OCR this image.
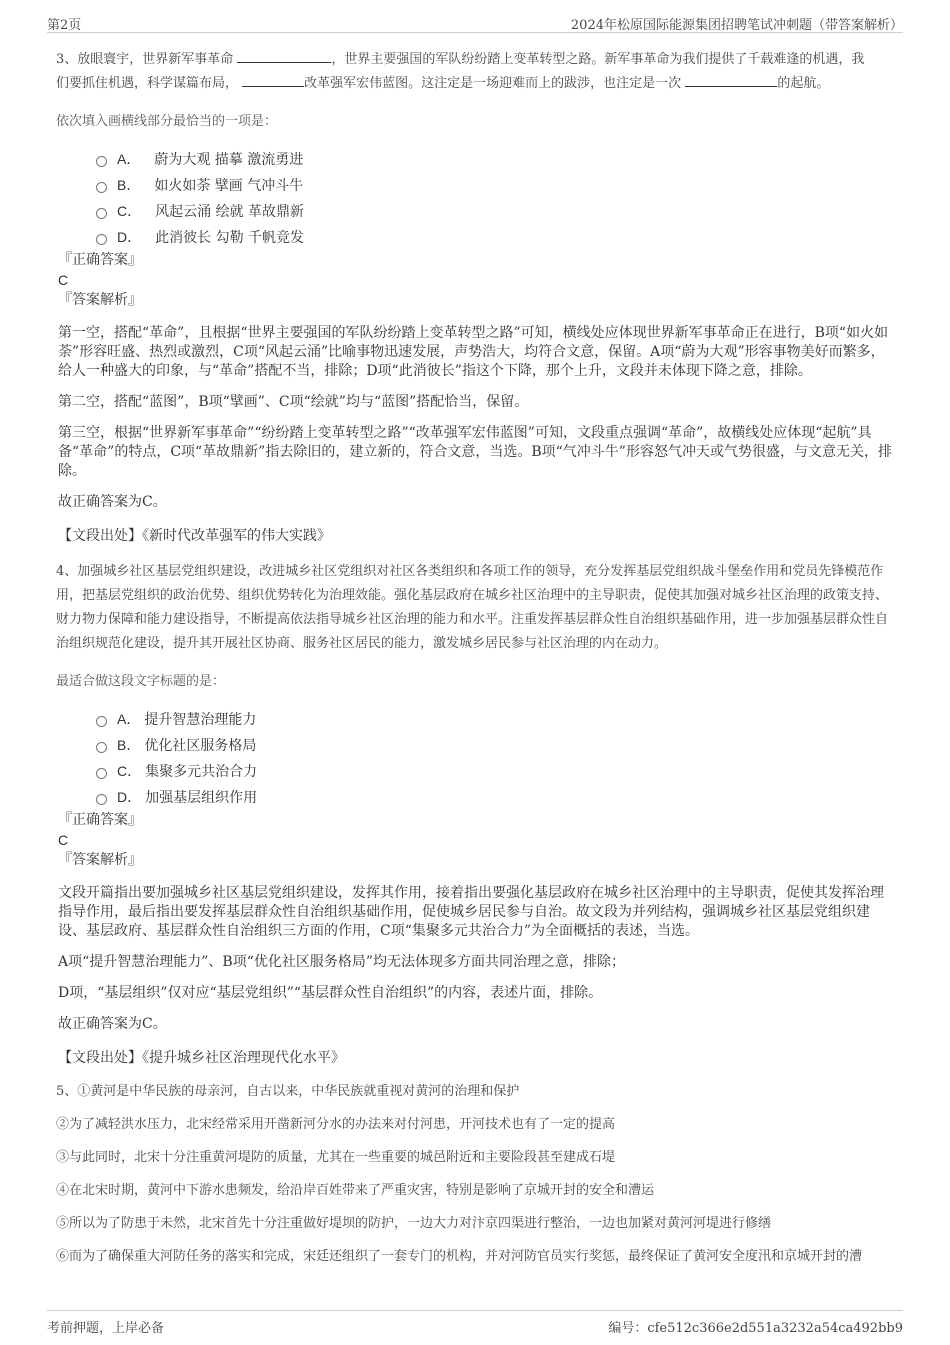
第2页	2024年松原国际能源集团招聘笔试冲刺题（带答案解析）

3、放眼寰宇，世界新军事革命	，世界主要强国的军队纷纷踏上变革转型之路。新军事革命为我们提供了千载难逢的机遇，我
们要抓住机遇，科学谋篇布局，	改革强军宏伟蓝图。这注定是一场迎难而上的跋涉，也注定是一次	的起航。

依次填入画横线部分最恰当的一项是：

A． 蔚为大观 描摹 激流勇进
B． 如火如荼 擘画 气冲斗牛
C． 风起云涌 绘就 革故鼎新
D． 此消彼长 勾勒 千帆竞发

『正确答案』

C

『答案解析』

第一空，搭配“革命”，且根据“世界主要强国的军队纷纷踏上变革转型之路”可知，横线处应体现世界新军事革命正在进行，B项“如火如荼”形容旺盛、热烈或激烈，C项“风起云涌”比喻事物迅速发展，声势浩大，均符合文意，保留。A项“蔚为大观”形容事物美好而繁多，给人一种盛大的印象，与“革命”搭配不当，排除；D项“此消彼长”指这个下降，那个上升，文段并未体现下降之意，排除。

第二空，搭配“蓝图”，B项“擘画”、C项“绘就”均与“蓝图”搭配恰当，保留。

第三空，根据“世界新军事革命”“纷纷踏上变革转型之路”“改革强军宏伟蓝图”可知，文段重点强调“革命”，故横线处应体现“起航”具备“革命”的特点，C项“革故鼎新”指去除旧的，建立新的，符合文意，当选。B项“气冲斗牛”形容怒气冲天或气势很盛，与文意无关，排除。

故正确答案为C。

【文段出处】《新时代改革强军的伟大实践》

4、加强城乡社区基层党组织建设，改进城乡社区党组织对社区各类组织和各项工作的领导，充分发挥基层党组织战斗堡垒作用和党员先锋模范作用，把基层党组织的政治优势、组织优势转化为治理效能。强化基层政府在城乡社区治理中的主导职责，促使其加强对城乡社区治理的政策支持、财力物力保障和能力建设指导，不断提高依法指导城乡社区治理的能力和水平。注重发挥基层群众性自治组织基础作用，进一步加强基层群众性自治组织规范化建设，提升其开展社区协商、服务社区居民的能力，激发城乡居民参与社区治理的内在动力。

最适合做这段文字标题的是：

A． 提升智慧治理能力
B． 优化社区服务格局
C． 集聚多元共治合力
D． 加强基层组织作用

『正确答案』

C

『答案解析』

文段开篇指出要加强城乡社区基层党组织建设，发挥其作用，接着指出要强化基层政府在城乡社区治理中的主导职责，促使其发挥治理指导作用，最后指出要发挥基层群众性自治组织基础作用，促使城乡居民参与自治。故文段为并列结构，强调城乡社区基层党组织建设、基层政府、基层群众性自治组织三方面的作用，C项“集聚多元共治合力”为全面概括的表述，当选。

A项“提升智慧治理能力”、B项“优化社区服务格局”均无法体现多方面共同治理之意，排除；

D项，“基层组织”仅对应“基层党组织”“基层群众性自治组织”的内容，表述片面，排除。

故正确答案为C。

【文段出处】《提升城乡社区治理现代化水平》

5、①黄河是中华民族的母亲河，自古以来，中华民族就重视对黄河的治理和保护

②为了减轻洪水压力，北宋经常采用开凿新河分水的办法来对付河患，开河技术也有了一定的提高

③与此同时，北宋十分注重黄河堤防的质量，尤其在一些重要的城邑附近和主要险段甚至建成石堤

④在北宋时期，黄河中下游水患频发，给沿岸百姓带来了严重灾害，特别是影响了京城开封的安全和漕运

⑤所以为了防患于未然，北宋首先十分注重做好堤坝的防护，一边大力对汴京四渠进行整治，一边也加紧对黄河河堤进行修缮

⑥而为了确保重大河防任务的落实和完成，宋廷还组织了一套专门的机构，并对河防官员实行奖惩，最终保证了黄河安全度汛和京城开封的漕

考前押题，上岸必备	编号：cfe512c366e2d551a3232a54ca492bb9
